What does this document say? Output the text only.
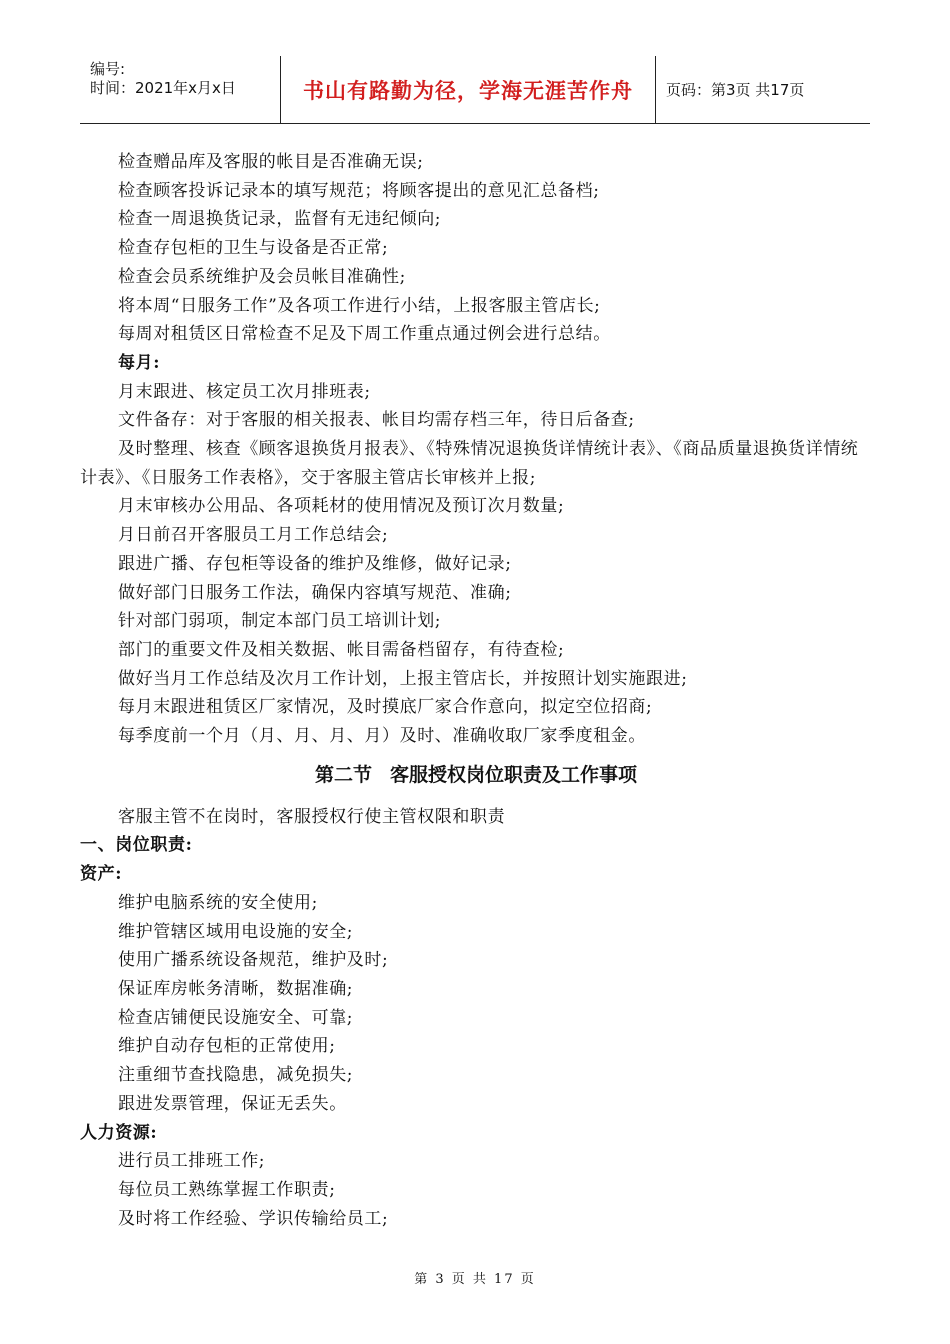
编号:
时间：2021年x月x日	书山有路勤为径，学海无涯苦作舟	页码：第3页 共17页
检查赠品库及客服的帐目是否准确无误;
检查顾客投诉记录本的填写规范；将顾客提出的意见汇总备档;
检查一周退换货记录，监督有无违纪倾向;
检查存包柜的卫生与设备是否正常;
检查会员系统维护及会员帐目准确性;
将本周“日服务工作”及各项工作进行小结，上报客服主管店长;
每周对租赁区日常检查不足及下周工作重点通过例会进行总结。
每月:
月末跟进、核定员工次月排班表;
文件备存：对于客服的相关报表、帐目均需存档三年，待日后备查;
及时整理、核查《顾客退换货月报表》、《特殊情况退换货详情统计表》、《商品质量退换货详情统计表》、《日服务工作表格》，交于客服主管店长审核并上报;
月末审核办公用品、各项耗材的使用情况及预订次月数量;
月日前召开客服员工月工作总结会;
跟进广播、存包柜等设备的维护及维修，做好记录;
做好部门日服务工作法，确保内容填写规范、准确;
针对部门弱项，制定本部门员工培训计划;
部门的重要文件及相关数据、帐目需备档留存，有待查检;
做好当月工作总结及次月工作计划，上报主管店长，并按照计划实施跟进;
每月末跟进租赁区厂家情况，及时摸底厂家合作意向，拟定空位招商;
每季度前一个月（月、月、月、月）及时、准确收取厂家季度租金。
第二节 客服授权岗位职责及工作事项
客服主管不在岗时，客服授权行使主管权限和职责
一、岗位职责:
资产:
维护电脑系统的安全使用;
维护管辖区域用电设施的安全;
使用广播系统设备规范，维护及时;
保证库房帐务清晰，数据准确;
检查店铺便民设施安全、可靠;
维护自动存包柜的正常使用;
注重细节查找隐患，减免损失;
跟进发票管理，保证无丢失。
人力资源:
进行员工排班工作;
每位员工熟练掌握工作职责;
及时将工作经验、学识传输给员工;
第 3 页 共 17 页
